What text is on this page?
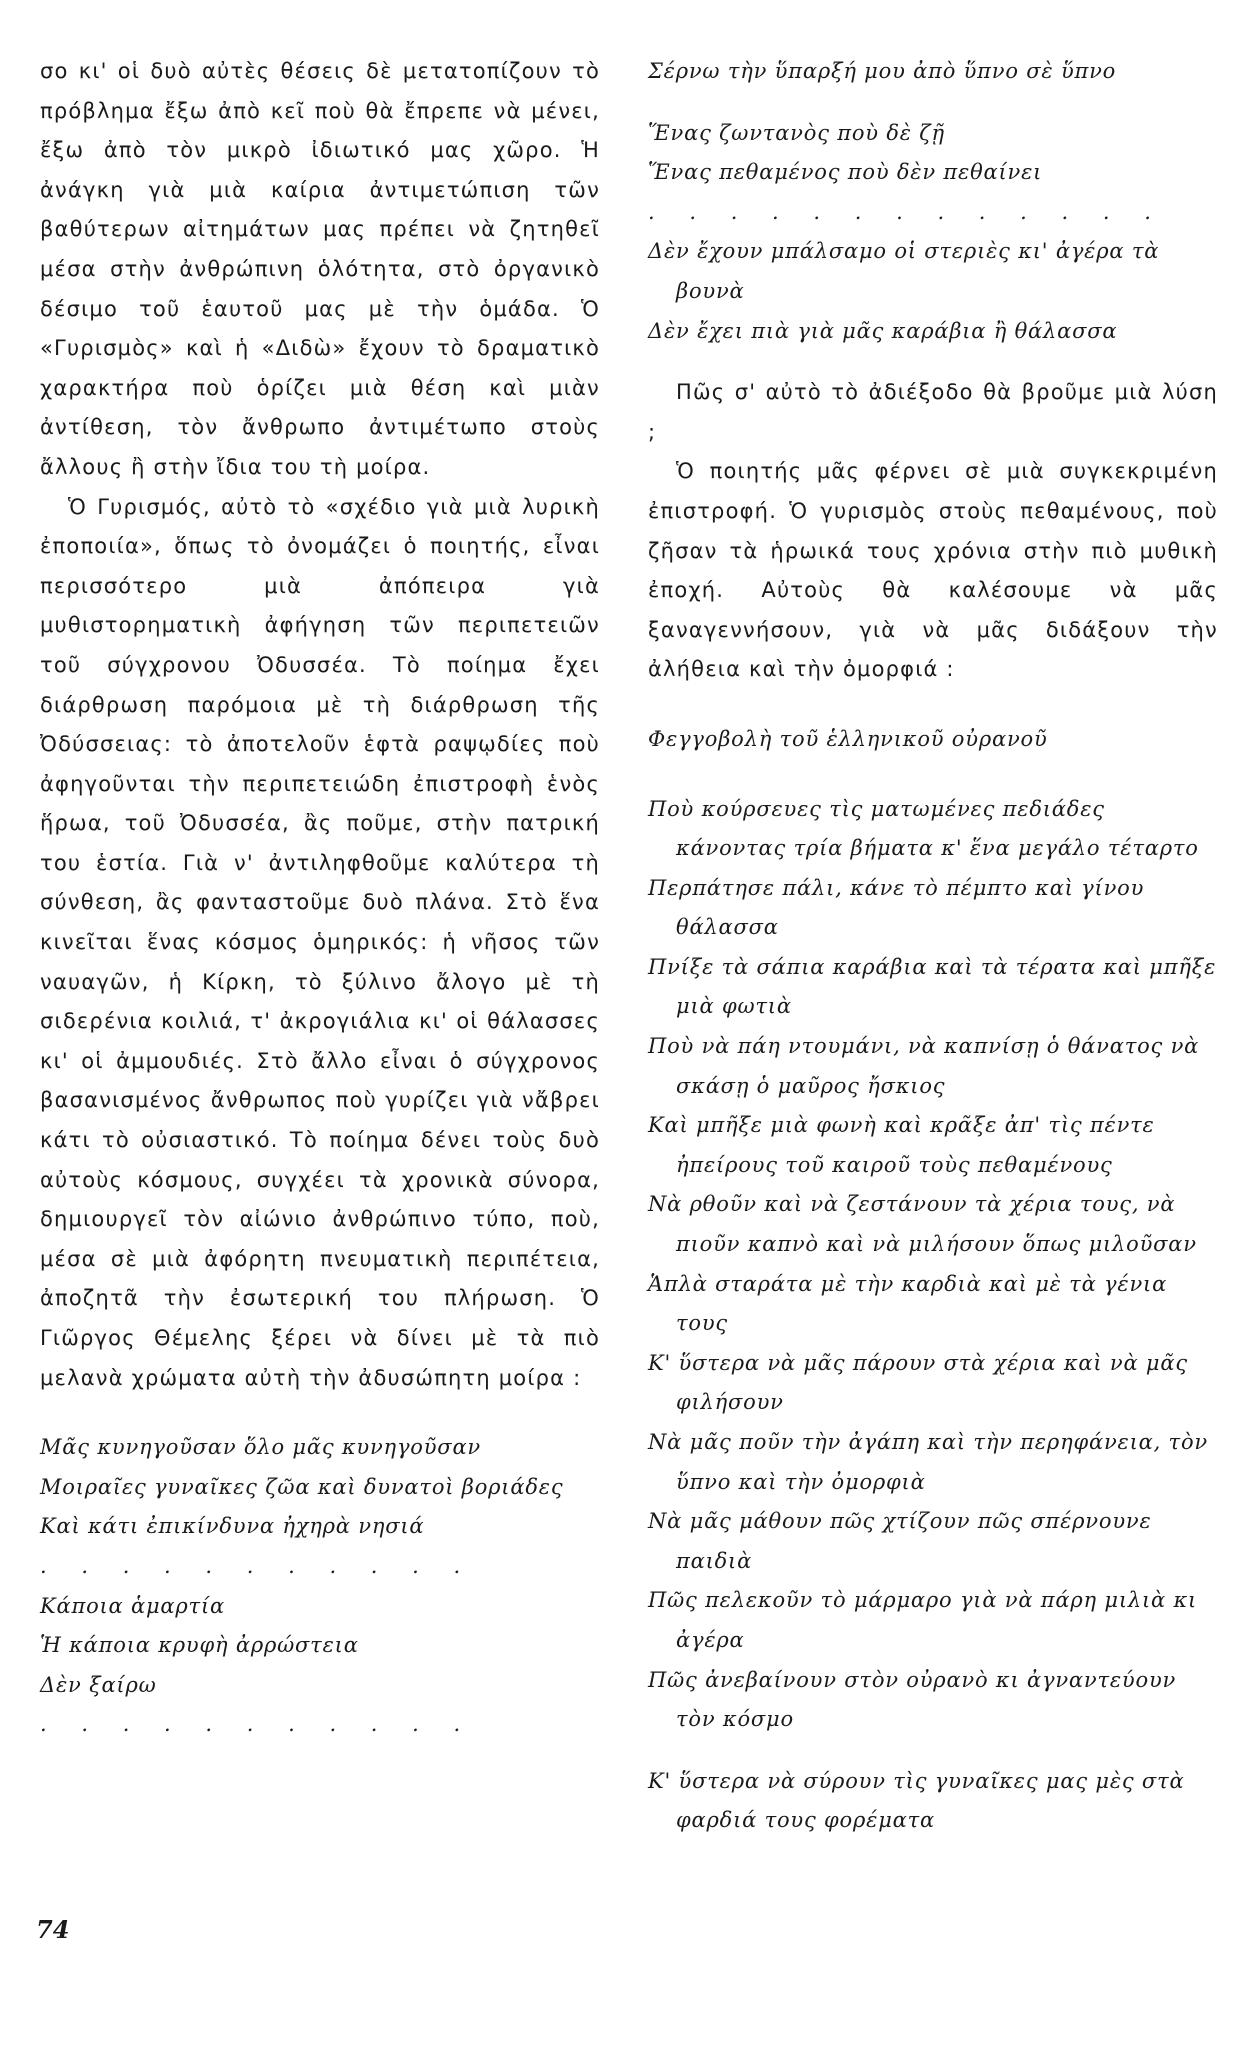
σο κι' οἱ δυὸ αὐτὲς θέσεις δὲ μετατοπίζουν τὸ πρόβλημα ἔξω ἀπὸ κεῖ ποὺ θὰ ἔπρεπε νὰ μένει, ἔξω ἀπὸ τὸν μικρὸ ἰδιωτικό μας χῶρο. Ἡ ἀνάγκη γιὰ μιὰ καίρια ἀντιμετώπιση τῶν βαθύτερων αἰτημάτων μας πρέπει νὰ ζητηθεῖ μέσα στὴν ἀνθρώπινη ὁλότητα, στὸ ὀργανικὸ δέσιμο τοῦ ἑαυτοῦ μας μὲ τὴν ὁμάδα. Ὁ «Γυρισμὸς» καὶ ἡ «Διδὼ» ἔχουν τὸ δραματικὸ χαρακτήρα ποὺ ὁρίζει μιὰ θέση καὶ μιὰν ἀντίθεση, τὸν ἄνθρωπο ἀντιμέτωπο στοὺς ἄλλους ἢ στὴν ἴδια του τὴ μοίρα.
Ὁ Γυρισμός, αὐτὸ τὸ «σχέδιο γιὰ μιὰ λυρικὴ ἐποποιία», ὅπως τὸ ὀνομάζει ὁ ποιητής, εἶναι περισσότερο μιὰ ἀπόπειρα γιὰ μυθιστορηματικὴ ἀφήγηση τῶν περιπετειῶν τοῦ σύγχρονου Ὀδυσσέα. Τὸ ποίημα ἔχει διάρθρωση παρόμοια μὲ τὴ διάρθρωση τῆς Ὀδύσσειας: τὸ ἀποτελοῦν ἑφτὰ ραψῳδίες ποὺ ἀφηγοῦνται τὴν περιπετειώδη ἐπιστροφὴ ἑνὸς ἥρωα, τοῦ Ὀδυσσέα, ἂς ποῦμε, στὴν πατρική του ἑστία. Γιὰ ν' ἀντιληφθοῦμε καλύτερα τὴ σύνθεση, ἂς φανταστοῦμε δυὸ πλάνα. Στὸ ἕνα κινεῖται ἕνας κόσμος ὁμηρικός: ἡ νῆσος τῶν ναυαγῶν, ἡ Κίρκη, τὸ ξύλινο ἄλογο μὲ τὴ σιδερένια κοιλιά, τ' ἀκρογιάλια κι' οἱ θάλασσες κι' οἱ ἀμμουδιές. Στὸ ἄλλο εἶναι ὁ σύγχρονος βασανισμένος ἄνθρωπος ποὺ γυρίζει γιὰ νἄβρει κάτι τὸ οὐσιαστικό. Τὸ ποίημα δένει τοὺς δυὸ αὐτοὺς κόσμους, συγχέει τὰ χρονικὰ σύνορα, δημιουργεῖ τὸν αἰώνιο ἀνθρώπινο τύπο, ποὺ, μέσα σὲ μιὰ ἀφόρητη πνευματικὴ περιπέτεια, ἀποζητᾶ τὴν ἐσωτερική του πλήρωση. Ὁ Γιῶργος Θέμελης ξέρει νὰ δίνει μὲ τὰ πιὸ μελανὰ χρώματα αὐτὴ τὴν ἀδυσώπητη μοίρα :

Μᾶς κυνηγοῦσαν ὅλο μᾶς κυνηγοῦσαν
Μοιραῖες γυναῖκες ζῶα καὶ δυνατοὶ βοριάδες
Καὶ κάτι ἐπικίνδυνα ἠχηρὰ νησιά
. . . . . . . . . . .
Κάποια ἁμαρτία
Ἡ κάποια κρυφὴ ἀρρώστεια
Δὲν ξαίρω
. . . . . . . . . . .
Σέρνω τὴν ὕπαρξή μου ἀπὸ ὕπνο σὲ ὕπνο
Ἕνας ζωντανὸς ποὺ δὲ ζῇ
Ἕνας πεθαμένος ποὺ δὲν πεθαίνει
. . . . . . . . . . . . .
Δὲν ἔχουν μπάλσαμο οἱ στεριὲς κι' ἀγέρα τὰ βουνὰ
Δὲν ἔχει πιὰ γιὰ μᾶς καράβια ἢ θάλασσα

Πῶς σ' αὐτὸ τὸ ἀδιέξοδο θὰ βροῦμε μιὰ λύση ;
Ὁ ποιητής μᾶς φέρνει σὲ μιὰ συγκεκριμένη ἐπιστροφή. Ὁ γυρισμὸς στοὺς πεθαμένους, ποὺ ζῆσαν τὰ ἡρωικά τους χρόνια στὴν πιὸ μυθικὴ ἐποχή. Αὐτοὺς θὰ καλέσουμε νὰ μᾶς ξαναγεννήσουν, γιὰ νὰ μᾶς διδάξουν τὴν ἀλήθεια καὶ τὴν ὀμορφιά :

Φεγγοβολὴ τοῦ ἑλληνικοῦ οὐρανοῦ

Ποὺ κούρσευες τὶς ματωμένες πεδιάδες κάνοντας τρία βήματα κ' ἕνα μεγάλο τέταρτο
Περπάτησε πάλι, κάνε τὸ πέμπτο καὶ γίνου θάλασσα
Πνίξε τὰ σάπια καράβια καὶ τὰ τέρατα καὶ μπῆξε μιὰ φωτιὰ
Ποὺ νὰ πάη ντουμάνι, νὰ καπνίσῃ ὁ θάνατος νὰ σκάσῃ ὁ μαῦρος ἤσκιος
Καὶ μπῆξε μιὰ φωνὴ καὶ κρᾶξε ἀπ' τὶς πέντε ἠπείρους τοῦ καιροῦ τοὺς πεθαμένους
Νὰ ρθοῦν καὶ νὰ ζεστάνουν τὰ χέρια τους, νὰ πιοῦν καπνὸ καὶ νὰ μιλήσουν ὅπως μιλοῦσαν
Ἁπλὰ σταράτα μὲ τὴν καρδιὰ καὶ μὲ τὰ γένια τους
Κ' ὕστερα νὰ μᾶς πάρουν στὰ χέρια καὶ νὰ μᾶς φιλήσουν
Νὰ μᾶς ποῦν τὴν ἀγάπη καὶ τὴν περηφάνεια, τὸν ὕπνο καὶ τὴν ὀμορφιὰ
Νὰ μᾶς μάθουν πῶς χτίζουν πῶς σπέρνουνε παιδιὰ
Πῶς πελεκοῦν τὸ μάρμαρο γιὰ νὰ πάρη μιλιὰ κι ἀγέρα
Πῶς ἀνεβαίνουν στὸν οὐρανὸ κι ἀγναντεύουν τὸν κόσμο
Κ' ὕστερα νὰ σύρουν τὶς γυναῖκες μας μὲς στὰ φαρδιά τους φορέματα
74
